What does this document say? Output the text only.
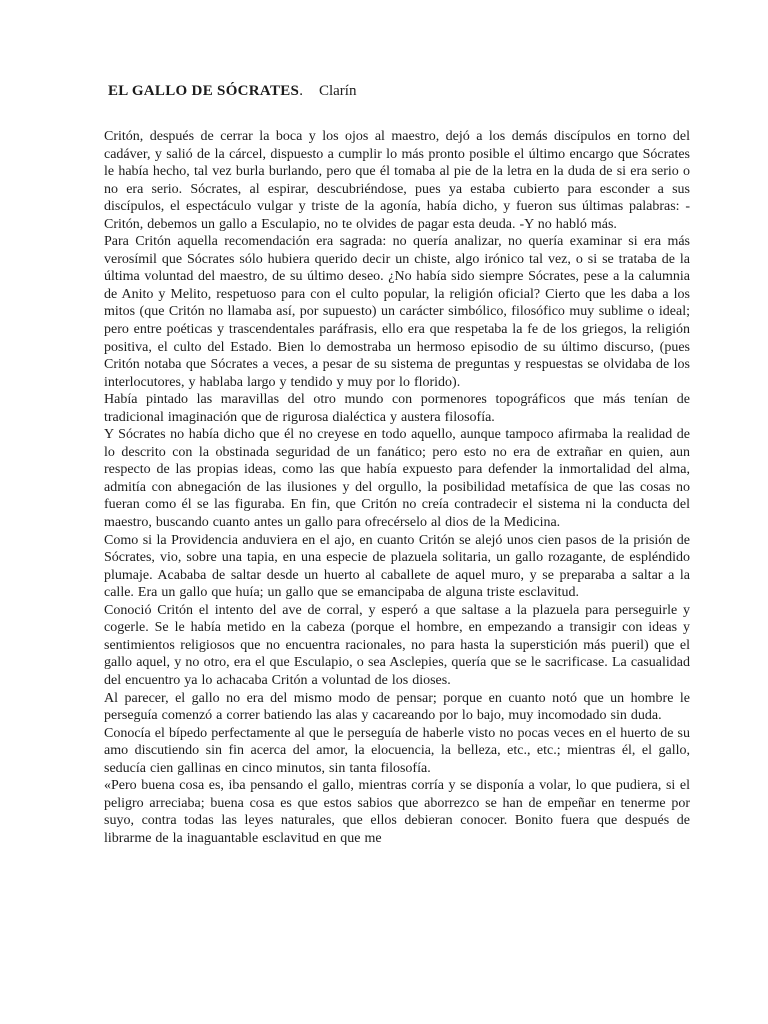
EL GALLO DE SÓCRATES. Clarín

Critón, después de cerrar la boca y los ojos al maestro, dejó a los demás discípulos en torno del cadáver, y salió de la cárcel, dispuesto a cumplir lo más pronto posible el último encargo que Sócrates le había hecho, tal vez burla burlando, pero que él tomaba al pie de la letra en la duda de si era serio o no era serio. Sócrates, al espirar, descubriéndose, pues ya estaba cubierto para esconder a sus discípulos, el espectáculo vulgar y triste de la agonía, había dicho, y fueron sus últimas palabras: -Critón, debemos un gallo a Esculapio, no te olvides de pagar esta deuda. -Y no habló más.

Para Critón aquella recomendación era sagrada: no quería analizar, no quería examinar si era más verosímil que Sócrates sólo hubiera querido decir un chiste, algo irónico tal vez, o si se trataba de la última voluntad del maestro, de su último deseo. ¿No había sido siempre Sócrates, pese a la calumnia de Anito y Melito, respetuoso para con el culto popular, la religión oficial? Cierto que les daba a los mitos (que Critón no llamaba así, por supuesto) un carácter simbólico, filosófico muy sublime o ideal; pero entre poéticas y trascendentales paráfrasis, ello era que respetaba la fe de los griegos, la religión positiva, el culto del Estado. Bien lo demostraba un hermoso episodio de su último discurso, (pues Critón notaba que Sócrates a veces, a pesar de su sistema de preguntas y respuestas se olvidaba de los interlocutores, y hablaba largo y tendido y muy por lo florido).

Había pintado las maravillas del otro mundo con pormenores topográficos que más tenían de tradicional imaginación que de rigurosa dialéctica y austera filosofía.

Y Sócrates no había dicho que él no creyese en todo aquello, aunque tampoco afirmaba la realidad de lo descrito con la obstinada seguridad de un fanático; pero esto no era de extrañar en quien, aun respecto de las propias ideas, como las que había expuesto para defender la inmortalidad del alma, admitía con abnegación de las ilusiones y del orgullo, la posibilidad metafísica de que las cosas no fueran como él se las figuraba. En fin, que Critón no creía contradecir el sistema ni la conducta del maestro, buscando cuanto antes un gallo para ofrecérselo al dios de la Medicina.

Como si la Providencia anduviera en el ajo, en cuanto Critón se alejó unos cien pasos de la prisión de Sócrates, vio, sobre una tapia, en una especie de plazuela solitaria, un gallo rozagante, de espléndido plumaje. Acababa de saltar desde un huerto al caballete de aquel muro, y se preparaba a saltar a la calle. Era un gallo que huía; un gallo que se emancipaba de alguna triste esclavitud.

Conoció Critón el intento del ave de corral, y esperó a que saltase a la plazuela para perseguirle y cogerle. Se le había metido en la cabeza (porque el hombre, en empezando a transigir con ideas y sentimientos religiosos que no encuentra racionales, no para hasta la superstición más pueril) que el gallo aquel, y no otro, era el que Esculapio, o sea Asclepies, quería que se le sacrificase. La casualidad del encuentro ya lo achacaba Critón a voluntad de los dioses.

Al parecer, el gallo no era del mismo modo de pensar; porque en cuanto notó que un hombre le perseguía comenzó a correr batiendo las alas y cacareando por lo bajo, muy incomodado sin duda.

Conocía el bípedo perfectamente al que le perseguía de haberle visto no pocas veces en el huerto de su amo discutiendo sin fin acerca del amor, la elocuencia, la belleza, etc., etc.; mientras él, el gallo, seducía cien gallinas en cinco minutos, sin tanta filosofía.

«Pero buena cosa es, iba pensando el gallo, mientras corría y se disponía a volar, lo que pudiera, si el peligro arreciaba; buena cosa es que estos sabios que aborrezco se han de empeñar en tenerme por suyo, contra todas las leyes naturales, que ellos debieran conocer. Bonito fuera que después de librarme de la inaguantable esclavitud en que me
